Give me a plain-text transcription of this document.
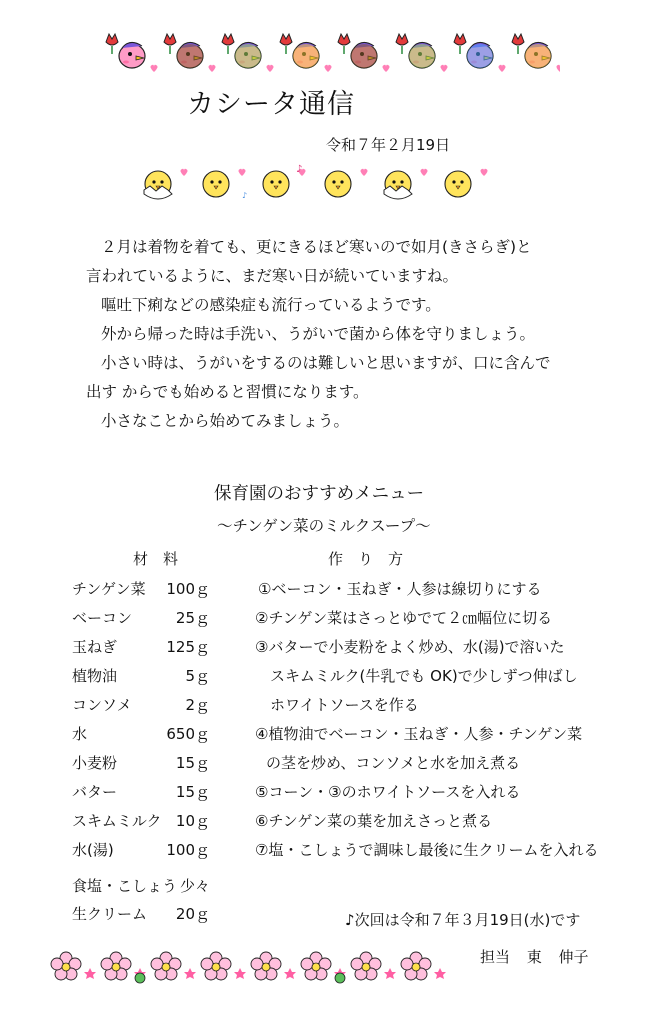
カシータ通信
令和７年２月19日
♪
♪
２月は着物を着ても、更にきるほど寒いので如月(きさらぎ)と
言われているように、まだ寒い日が続いていますね。
嘔吐下痢などの感染症も流行っているようです。
外から帰った時は手洗い、うがいで菌から体を守りましょう。
小さい時は、うがいをするのは難しいと思いますが、口に含んで
出す からでも始めると習慣になります。
小さなことから始めてみましょう。
保育園のおすすめメニュー
～チンゲン菜のミルクスープ～
材　料	作　り　方
チンゲン菜	100ｇ
ベーコン	25ｇ
玉ねぎ	125ｇ
植物油	5ｇ
コンソメ	2ｇ
水	650ｇ
小麦粉	15ｇ
バター	15ｇ
スキムミルク 10ｇ
水(湯)	100ｇ
食塩・こしょう 少々
生クリーム	20ｇ
①ベーコン・玉ねぎ・人参は線切りにする
②チンゲン菜はさっとゆでて２㎝幅位に切る
③バターで小麦粉をよく炒め、水(湯)で溶いた
スキムミルク(牛乳でも OK)で少しずつ伸ばし
ホワイトソースを作る
④植物油でベーコン・玉ねぎ・人参・チンゲン菜
の茎を炒め、コンソメと水を加え煮る
⑤コーン・③のホワイトソースを入れる
⑥チンゲン菜の葉を加えさっと煮る
⑦塩・こしょうで調味し最後に生クリームを入れる
♪次回は令和７年３月19日(水)です
担当 東 伸子
